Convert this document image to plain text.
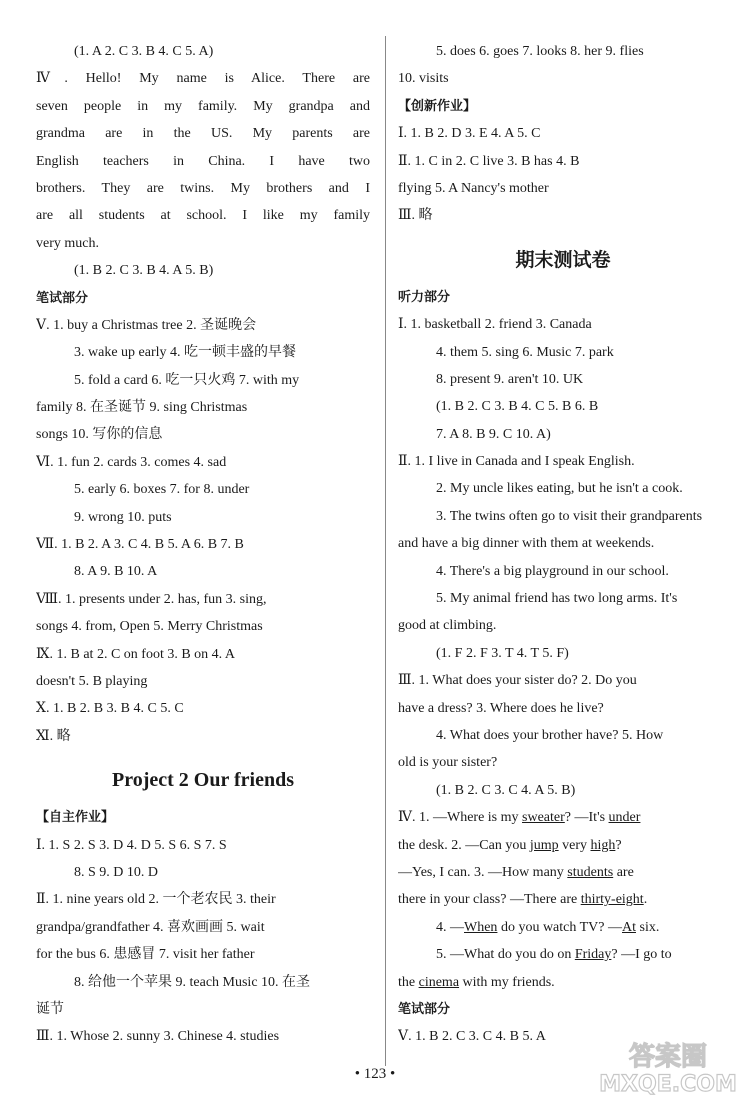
(1. A 2. C 3. B 4. C 5. A)
Ⅳ. Hello! My name is Alice. There are
seven people in my family. My grandpa and
grandma are in the US. My parents are
English teachers in China. I have two
brothers. They are twins. My brothers and I
are all students at school. I like my family
very much.
(1. B 2. C 3. B 4. A 5. B)
笔试部分
Ⅴ. 1. buy a Christmas tree 2. 圣诞晚会
3. wake up early 4. 吃一顿丰盛的早餐
5. fold a card 6. 吃一只火鸡 7. with my
family 8. 在圣诞节 9. sing Christmas
songs 10. 写你的信息
Ⅵ. 1. fun 2. cards 3. comes 4. sad
5. early 6. boxes 7. for 8. under
9. wrong 10. puts
Ⅶ. 1. B 2. A 3. C 4. B 5. A 6. B 7. B
8. A 9. B 10. A
Ⅷ. 1. presents under 2. has, fun 3. sing,
songs 4. from, Open 5. Merry Christmas
Ⅸ. 1. B at 2. C on foot 3. B on 4. A
doesn't 5. B playing
Ⅹ. 1. B 2. B 3. B 4. C 5. C
Ⅺ. 略
Project 2 Our friends
【自主作业】
Ⅰ. 1. S 2. S 3. D 4. D 5. S 6. S 7. S
8. S 9. D 10. D
Ⅱ. 1. nine years old 2. 一个老农民 3. their
grandpa/grandfather 4. 喜欢画画 5. wait
for the bus 6. 患感冒 7. visit her father
8. 给他一个苹果 9. teach Music 10. 在圣
诞节
Ⅲ. 1. Whose 2. sunny 3. Chinese 4. studies
5. does 6. goes 7. looks 8. her 9. flies
10. visits
【创新作业】
Ⅰ. 1. B 2. D 3. E 4. A 5. C
Ⅱ. 1. C in 2. C live 3. B has 4. B
flying 5. A Nancy's mother
Ⅲ. 略
期末测试卷
听力部分
Ⅰ. 1. basketball 2. friend 3. Canada
4. them 5. sing 6. Music 7. park
8. present 9. aren't 10. UK
(1. B 2. C 3. B 4. C 5. B 6. B
7. A 8. B 9. C 10. A)
Ⅱ. 1. I live in Canada and I speak English.
2. My uncle likes eating, but he isn't a cook.
3. The twins often go to visit their grandparents
and have a big dinner with them at weekends.
4. There's a big playground in our school.
5. My animal friend has two long arms. It's
good at climbing.
(1. F 2. F 3. T 4. T 5. F)
Ⅲ. 1. What does your sister do? 2. Do you
have a dress? 3. Where does he live?
4. What does your brother have? 5. How
old is your sister?
(1. B 2. C 3. C 4. A 5. B)
Ⅳ. 1. —Where is my sweater? —It's under
the desk. 2. —Can you jump very high?
—Yes, I can. 3. —How many students are
there in your class? —There are thirty-eight.
4. —When do you watch TV? —At six.
5. —What do you do on Friday? —I go to
the cinema with my friends.
笔试部分
Ⅴ. 1. B 2. C 3. C 4. B 5. A
• 123 •
答案圈
MXQE.COM
